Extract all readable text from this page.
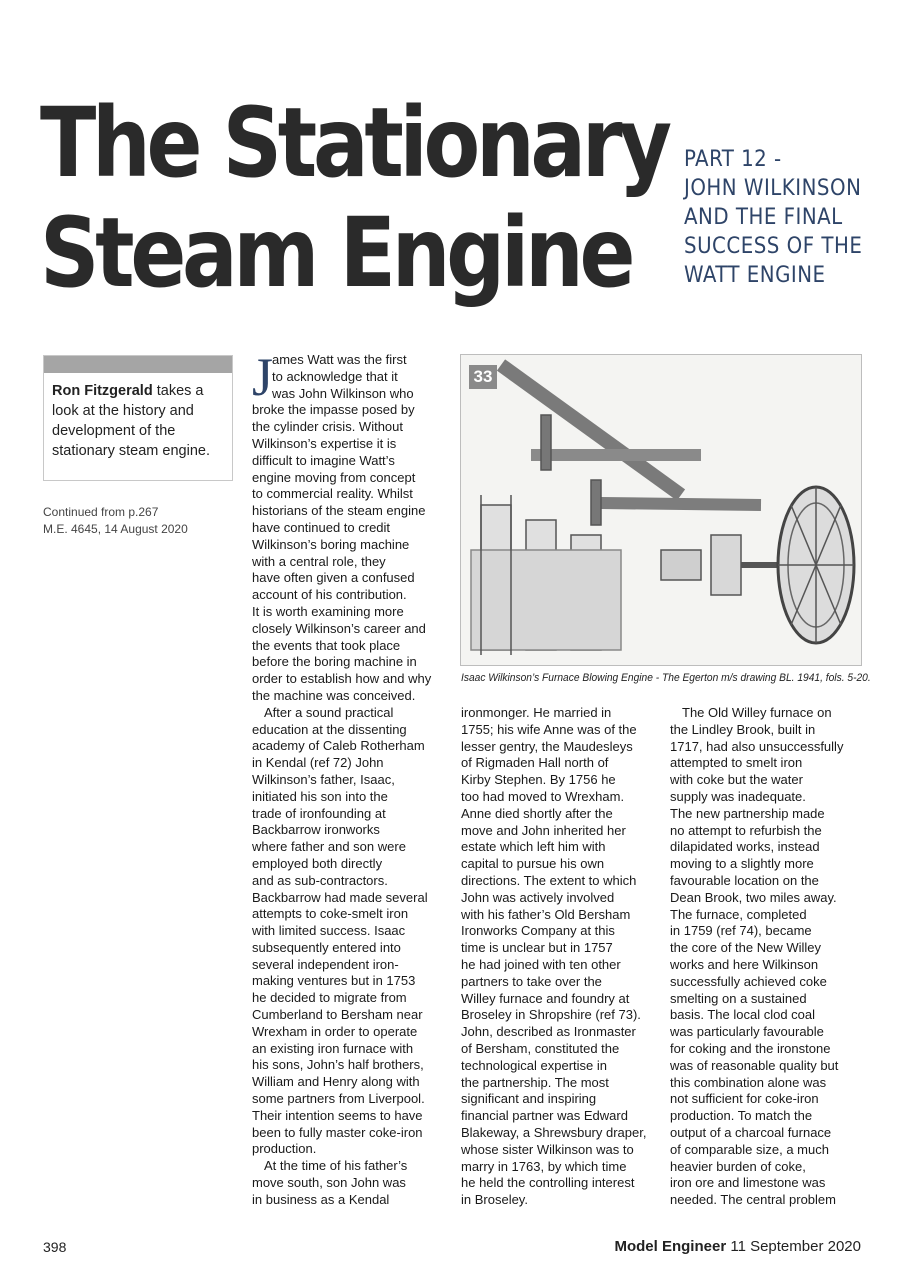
The Stationary
Steam Engine
PART 12 -
JOHN WILKINSON
AND THE FINAL
SUCCESS OF THE
WATT ENGINE
Ron Fitzgerald takes a look at the history and development of the stationary steam engine.
Continued from p.267
M.E. 4645, 14 August 2020
J
ames Watt was the first
to acknowledge that it
was John Wilkinson who
broke the impasse posed by
the cylinder crisis. Without
Wilkinson’s expertise it is
difficult to imagine Watt’s
engine moving from concept
to commercial reality. Whilst
historians of the steam engine
have continued to credit
Wilkinson’s boring machine
with a central role, they
have often given a confused
account of his contribution.
It is worth examining more
closely Wilkinson’s career and
the events that took place
before the boring machine in
order to establish how and why
the machine was conceived.
After a sound practical
education at the dissenting
academy of Caleb Rotherham
in Kendal (ref 72) John
Wilkinson’s father, Isaac,
initiated his son into the
trade of ironfounding at
Backbarrow ironworks
where father and son were
employed both directly
and as sub-contractors.
Backbarrow had made several
attempts to coke-smelt iron
with limited success. Isaac
subsequently entered into
several independent iron-
making ventures but in 1753
he decided to migrate from
Cumberland to Bersham near
Wrexham in order to operate
an existing iron furnace with
his sons, John’s half brothers,
William and Henry along with
some partners from Liverpool.
Their intention seems to have
been to fully master coke-iron
production.
At the time of his father’s
move south, son John was
in business as a Kendal
ironmonger. He married in
1755; his wife Anne was of the
lesser gentry, the Maudesleys
of Rigmaden Hall north of
Kirby Stephen. By 1756 he
too had moved to Wrexham.
Anne died shortly after the
move and John inherited her
estate which left him with
capital to pursue his own
directions. The extent to which
John was actively involved
with his father’s Old Bersham
Ironworks Company at this
time is unclear but in 1757
he had joined with ten other
partners to take over the
Willey furnace and foundry at
Broseley in Shropshire (ref 73).
John, described as Ironmaster
of Bersham, constituted the
technological expertise in
the partnership. The most
significant and inspiring
financial partner was Edward
Blakeway, a Shrewsbury draper,
whose sister Wilkinson was to
marry in 1763, by which time
he held the controlling interest
in Broseley.
The Old Willey furnace on
the Lindley Brook, built in
1717, had also unsuccessfully
attempted to smelt iron
with coke but the water
supply was inadequate.
The new partnership made
no attempt to refurbish the
dilapidated works, instead
moving to a slightly more
favourable location on the
Dean Brook, two miles away.
The furnace, completed
in 1759 (ref 74), became
the core of the New Willey
works and here Wilkinson
successfully achieved coke
smelting on a sustained
basis. The local clod coal
was particularly favourable
for coking and the ironstone
was of reasonable quality but
this combination alone was
not sufficient for coke-iron
production. To match the
output of a charcoal furnace
of comparable size, a much
heavier burden of coke,
iron ore and limestone was
needed. The central problem
33
Isaac Wilkinson’s Furnace Blowing Engine - The Egerton m/s drawing BL. 1941, fols. 5-20.
398	Model Engineer 11 September 2020
